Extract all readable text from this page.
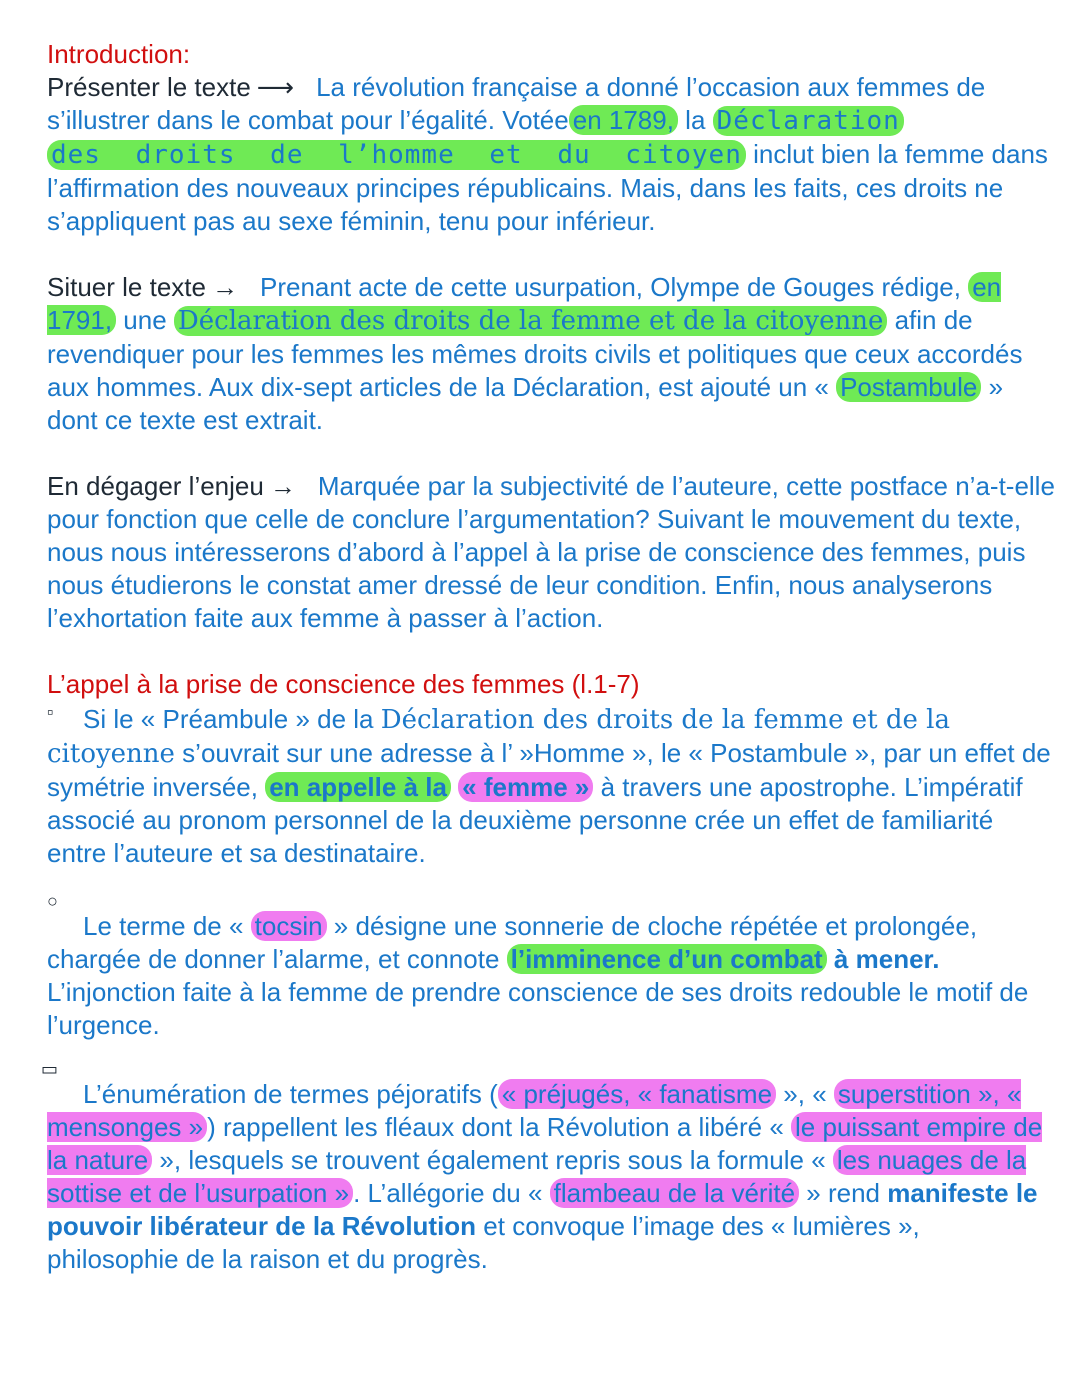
Introduction:

Présenter le texte ⟶ La révolution française a donné l’occasion aux femmes de s’illustrer dans le combat pour l’égalité. Votée en 1789, la Déclaration
des droits de l’homme et du citoyen inclut bien la femme dans l’affirmation des nouveaux principes républicains. Mais, dans les faits, ces droits ne s’appliquent pas au sexe féminin, tenu pour inférieur.

Situer le texte → Prenant acte de cette usurpation, Olympe de Gouges rédige, en 1791, une Déclaration des droits de la femme et de la citoyenne afin de revendiquer pour les femmes les mêmes droits civils et politiques que ceux accordés aux hommes. Aux dix-sept articles de la Déclaration, est ajouté un « Postambule » dont ce texte est extrait.

En dégager l’enjeu → Marquée par la subjectivité de l’auteure, cette postface n’a-t-elle pour fonction que celle de conclure l’argumentation? Suivant le mouvement du texte, nous nous intéresserons d’abord à l’appel à la prise de conscience des femmes, puis nous étudierons le constat amer dressé de leur condition. Enfin, nous analyserons l’exhortation faite aux femme à passer à l’action.

L’appel à la prise de conscience des femmes (l.1-7)

▫	Si le « Préambule » de la Déclaration des droits de la femme et de la citoyenne s’ouvrait sur une adresse à l’ »Homme », le « Postambule », par un effet de symétrie inversée, en appelle à la « femme » à travers une apostrophe. L’impératif associé au pronom personnel de la deuxième personne crée un effet de familiarité entre l’auteure et sa destinataire.

○

Le terme de « tocsin » désigne une sonnerie de cloche répétée et prolongée, chargée de donner l’alarme, et connote l’imminence d’un combat à mener. L’injonction faite à la femme de prendre conscience de ses droits redouble le motif de l’urgence.

▭

L’énumération de termes péjoratifs ( « préjugés, « fanatisme », « superstition », « mensonges » ) rappellent les fléaux dont la Révolution a libéré « le puissant empire de la nature », lesquels se trouvent également repris sous la formule « les nuages de la sottise et de l’usurpation » . L’allégorie du « flambeau de la vérité » rend manifeste le pouvoir libérateur de la Révolution et convoque l’image des « lumières », philosophie de la raison et du progrès.
